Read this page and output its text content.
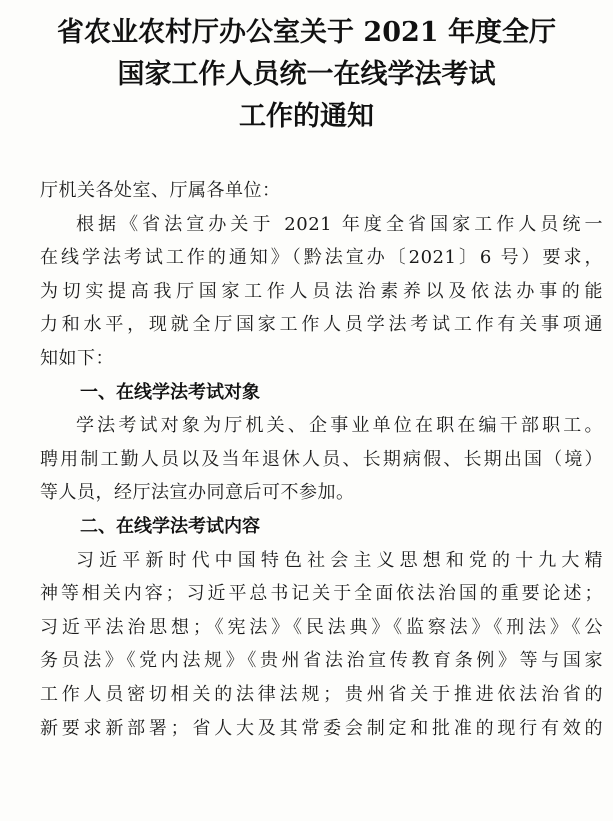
省农业农村厅办公室关于 2021 年度全厅
国家工作人员统一在线学法考试
工作的通知
厅机关各处室、厅属各单位：
根据《省法宣办关于 2021 年度全省国家工作人员统一
在线学法考试工作的通知》（黔法宣办〔2021〕6 号）要求，
为切实提高我厅国家工作人员法治素养以及依法办事的能
力和水平，现就全厅国家工作人员学法考试工作有关事项通
知如下：
一、在线学法考试对象
学法考试对象为厅机关、企事业单位在职在编干部职工。
聘用制工勤人员以及当年退休人员、长期病假、长期出国（境）
等人员，经厅法宣办同意后可不参加。
二、在线学法考试内容
习近平新时代中国特色社会主义思想和党的十九大精
神等相关内容；习近平总书记关于全面依法治国的重要论述；
习近平法治思想；《宪法》《民法典》《监察法》《刑法》《公
务员法》《党内法规》《贵州省法治宣传教育条例》等与国家
工作人员密切相关的法律法规；贵州省关于推进依法治省的
新要求新部署；省人大及其常委会制定和批准的现行有效的
